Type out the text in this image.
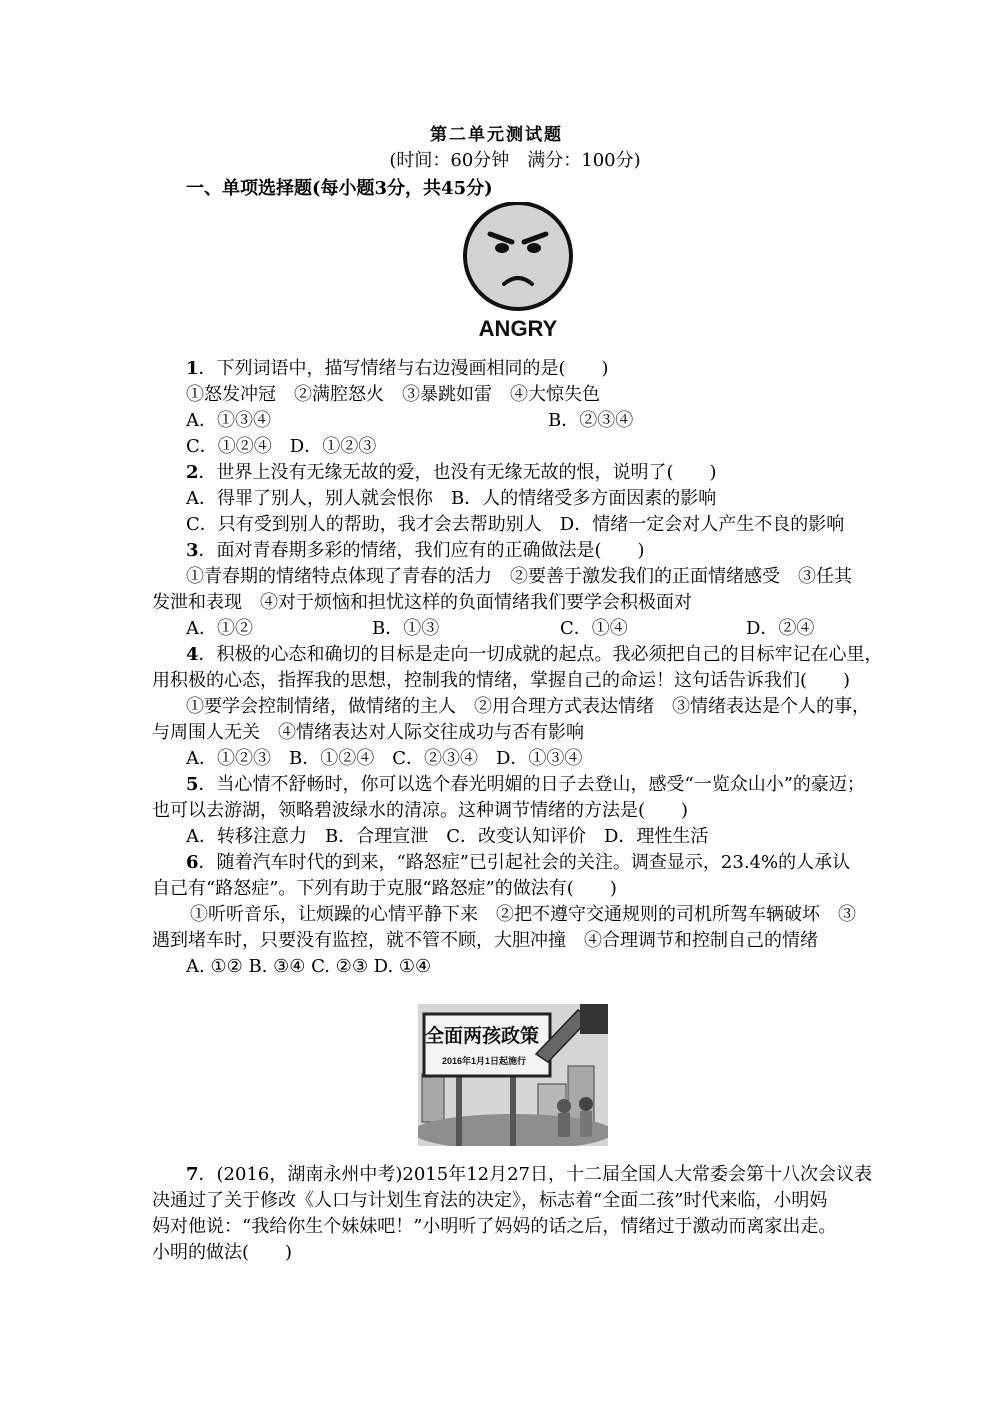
第二单元测试题
(时间：60分钟　满分：100分)
一、单项选择题(每小题3分，共45分)
ANGRY
1．下列词语中，描写情绪与右边漫画相同的是(　　)
①怒发冲冠　②满腔怒火　③暴跳如雷　④大惊失色
A．①③④	B．②③④
C．①②④　D．①②③
2．世界上没有无缘无故的爱，也没有无缘无故的恨，说明了(　　)
A．得罪了别人，别人就会恨你　B．人的情绪受多方面因素的影响
C．只有受到别人的帮助，我才会去帮助别人　D．情绪一定会对人产生不良的影响
3．面对青春期多彩的情绪，我们应有的正确做法是(　　)
①青春期的情绪特点体现了青春的活力　②要善于激发我们的正面情绪感受　③任其
发泄和表现　④对于烦恼和担忧这样的负面情绪我们要学会积极面对
A．①②	B．①③	C．①④	D．②④
4．积极的心态和确切的目标是走向一切成就的起点。我必须把自己的目标牢记在心里，
用积极的心态，指挥我的思想，控制我的情绪，掌握自己的命运！这句话告诉我们(　　)
①要学会控制情绪，做情绪的主人　②用合理方式表达情绪　③情绪表达是个人的事，
与周围人无关　④情绪表达对人际交往成功与否有影响
A．①②③　B．①②④　C．②③④　D．①③④
5．当心情不舒畅时，你可以选个春光明媚的日子去登山，感受“一览众山小”的豪迈；
也可以去游湖，领略碧波绿水的清凉。这种调节情绪的方法是(　　)
A．转移注意力　B．合理宣泄　C．改变认知评价　D．理性生活
6．随着汽车时代的到来，“路怒症”已引起社会的关注。调查显示，23.4%的人承认
自己有“路怒症”。下列有助于克服“路怒症”的做法有(　　)
①听听音乐，让烦躁的心情平静下来　②把不遵守交通规则的司机所驾车辆破坏　③
遇到堵车时，只要没有监控，就不管不顾，大胆冲撞　④合理调节和控制自己的情绪
A. ①② B. ③④ C. ②③ D. ①④
全面两孩政策
2016年1月1日起施行
7．(2016，湖南永州中考)2015年12月27日，十二届全国人大常委会第十八次会议表
决通过了关于修改《人口与计划生育法的决定》，标志着“全面二孩”时代来临，小明妈
妈对他说：“我给你生个妹妹吧！”小明听了妈妈的话之后，情绪过于激动而离家出走。
小明的做法(　　)
